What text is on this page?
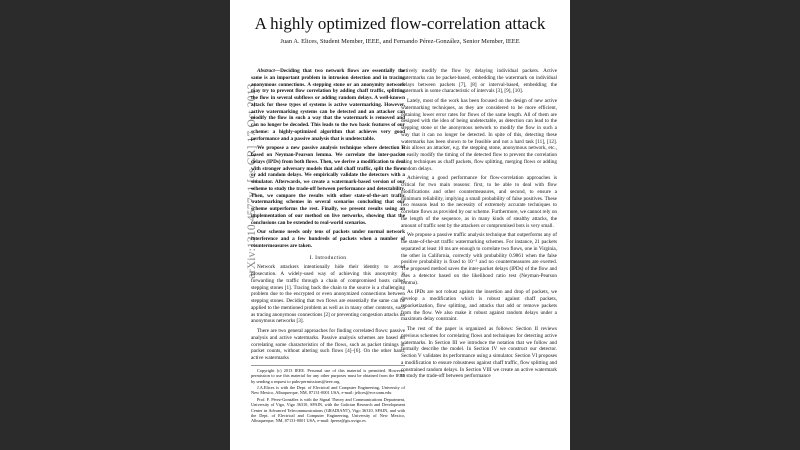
arXiv:1310.4577v1 [cs.CR] 17 Oct 2013
A highly optimized flow-correlation attack
Juan A. Elices, Student Member, IEEE, and Fernando Pérez-González, Senior Member, IEEE

Abstract—Deciding that two network flows are essentially the same is an important problem in intrusion detection and in tracing anonymous connections. A stepping stone or an anonymity network may try to prevent flow correlation by adding chaff traffic, splitting the flow in several subflows or adding random delays. A well-known attack for these types of systems is active watermarking. However, active watermarking systems can be detected and an attacker can modify the flow in such a way that the watermark is removed and can no longer be decoded. This leads to the two basic features of our scheme: a highly-optimized algorithm that achieves very good performance and a passive analysis that is undetectable.

We propose a new passive analysis technique where detection is based on Neyman-Pearson lemma. We correlate the inter-packet delays (IPDs) from both flows. Then, we derive a modification to deal with stronger adversary models that add chaff traffic, split the flows or add random delays. We empirically validate the detectors with a simulator. Afterwards, we create a watermark-based version of our scheme to study the trade-off between performance and detectability. Then, we compare the results with other state-of-the-art traffic watermarking schemes in several scenarios concluding that our scheme outperforms the rest. Finally, we present results using an implementation of our method on live networks, showing that the conclusions can be extended to real-world scenarios.

Our scheme needs only tens of packets under normal network interference and a few hundreds of packets when a number of countermeasures are taken.

I. Introduction

Network attackers intentionally hide their identity to avoid prosecution. A widely-used way of achieving this anonymity is forwarding the traffic through a chain of compromised hosts called stepping stones [1]. Tracing back the chain to the source is a challenging problem due to the encrypted or even anonymized connections between stepping stones. Deciding that two flows are essentially the same can be applied to the mentioned problem as well as in many other contexts, such as tracing anonymous connections [2] or preventing congestion attacks on anonymous networks [3].

There are two general approaches for finding correlated flows: passive analysis and active watermarks. Passive analysis schemes are based on correlating some characteristics of the flows, such as packet timings or packet counts, without altering such flows [4]–[6]. On the other hand, active watermarks

Copyright (c) 2013 IEEE. Personal use of this material is permitted. However, permission to use this material for any other purposes must be obtained from the IEEE by sending a request to pubs-permissions@ieee.org.
J.A.Elices is with the Dept. of Electrical and Computer Engineering, University of New Mexico, Albuquerque, NM, 87131-0001 USA, e-mail: jelices@ece.unm.edu
Prof. F. Pérez-González is with the Signal Theory and Communications Department, University of Vigo, Vigo 36310, SPAIN, with the Galician Research and Development Center in Advanced Telecommunications (GRADIANT), Vigo 36310, SPAIN, and with the Dept. of Electrical and Computer Engineering, University of New Mexico, Albuquerque, NM, 87131-0001 USA, e-mail: fperez@gts.uvigo.es

actively modify the flow by delaying individual packets. Active watermarks can be packet-based, embedding the watermark on individual delays between packets [7], [8] or interval-based, embedding the watermark in some characteristic of intervals [3], [9], [10].

Lately, most of the work has been focused on the design of new active watermarking techniques, as they are considered to be more efficient, obtaining lower error rates for flows of the same length. All of them are designed with the idea of being undetectable, as detection can lead to the stepping stone or the anonymous network to modify the flow in such a way that it can no longer be detected. In spite of this, detecting these watermarks has been shown to be feasible and not a hard task [11], [12]. This allows an attacker, e.g. the stepping stone, anonymous network, etc., to easily modify the timing of the detected flow to prevent the correlation using techniques as chaff packets, flow splitting, merging flows or adding random delays.

Achieving a good performance for flow-correlation approaches is critical for two main reasons: first, to be able to deal with flow modifications and other countermeasures, and second, to ensure a minimum reliability, implying a small probability of false positives. These two reasons lead to the necessity of extremely accurate techniques to correlate flows as provided by our scheme. Furthermore, we cannot rely on the length of the sequence, as in many kinds of stealthy attacks, the amount of traffic sent by the attackers or compromised bots is very small.

We propose a passive traffic analysis technique that outperforms any of the state-of-the-art traffic watermarking schemes. For instance, 21 packets separated at least 10 ms are enough to correlate two flows, one in Virginia, the other in California, correctly with probability 0.9861 when the false positive probability is fixed to 10⁻⁵ and no countermeasures are exerted. The proposed method saves the inter-packet delays (IPDs) of the flow and uses a detector based on the likelihood ratio test (Neyman-Pearson lemma).

As IPDs are not robust against the insertion and drop of packets, we develop a modification which is robust against chaff packets, repacketization, flow splitting, and attacks that add or remove packets from the flow. We also make it robust against random delays under a maximum delay constraint.

The rest of the paper is organized as follows: Section II reviews previous schemes for correlating flows and techniques for detecting active watermarks. In Section III we introduce the notation that we follow and formally describe the model. In Section IV we construct our detector. Section V validates its performance using a simulator. Section VI proposes a modification to ensure robustness against chaff traffic, flow splitting and constrained random delays. In Section VIII we create an active watermark to study the trade-off between performance
